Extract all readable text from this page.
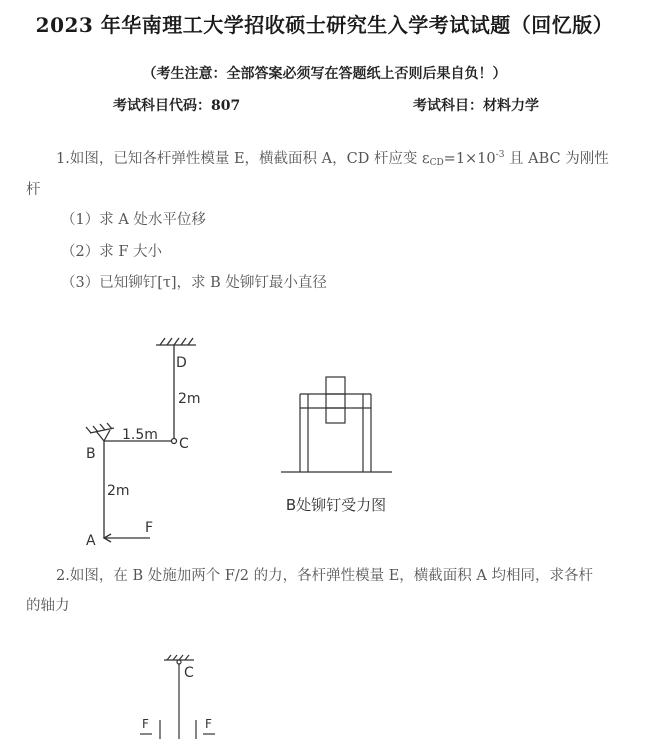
2023 年华南理工大学招收硕士研究生入学考试试题（回忆版）
（考生注意：全部答案必须写在答题纸上否则后果自负！）
考试科目代码：807	考试科目：材料力学
1.如图，已知各杆弹性模量 E，横截面积 A，CD 杆应变 $\varepsilon_{CD}=1\times 10^{-3}$ 且 ABC 为刚性
杆
（1）求 A 处水平位移
（2）求 F 大小
（3）已知铆钉[τ]，求 B 处铆钉最小直径
D
2m
1.5m
C
B
2m
F
A
B处铆钉受力图
2.如图，在 B 处施加两个 F/2 的力，各杆弹性模量 E，横截面积 A 均相同，求各杆
的轴力
C
F	F
